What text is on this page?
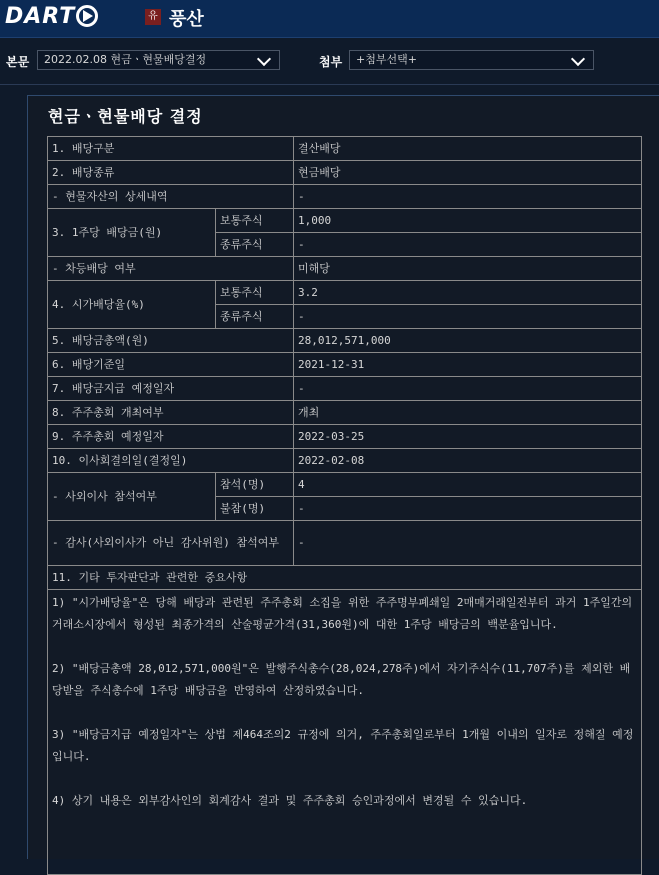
DART	유 풍산
본문	2022.02.08 현금ㆍ현물배당결정	첨부	+첨부선택+
현금ㆍ현물배당 결정
1. 배당구분		결산배당
2. 배당종류		현금배당
- 현물자산의 상세내역		-
3. 1주당 배당금(원)	보통주식	1,000
	종류주식	-
- 차등배당 여부		미해당
4. 시가배당율(%)	보통주식	3.2
	종류주식	-
5. 배당금총액(원)		28,012,571,000
6. 배당기준일		2021-12-31
7. 배당금지급 예정일자		-
8. 주주총회 개최여부		개최
9. 주주총회 예정일자		2022-03-25
10. 이사회결의일(결정일)		2022-02-08
- 사외이사 참석여부	참석(명)	4
	불참(명)	-
- 감사(사외이사가 아닌 감사위원) 참석여부		-
11. 기타 투자판단과 관련한 중요사항		

1) "시가배당율"은 당해 배당과 관련된 주주총회 소집을 위한 주주명부폐쇄일 2매매거래일전부터 과거 1주일간의 거래소시장에서 형성된 최종가격의 산술평균가격(31,360원)에 대한 1주당 배당금의 백분율입니다.

2) "배당금총액 28,012,571,000원"은 발행주식총수(28,024,278주)에서 자기주식수(11,707주)를 제외한 배당받을 주식총수에 1주당 배당금을 반영하여 산정하였습니다.

3) "배당금지급 예정일자"는 상법 제464조의2 규정에 의거, 주주총회일로부터 1개월 이내의 일자로 정해질 예정입니다.

4) 상기 내용은 외부감사인의 회계감사 결과 및 주주총회 승인과정에서 변경될 수 있습니다.		
